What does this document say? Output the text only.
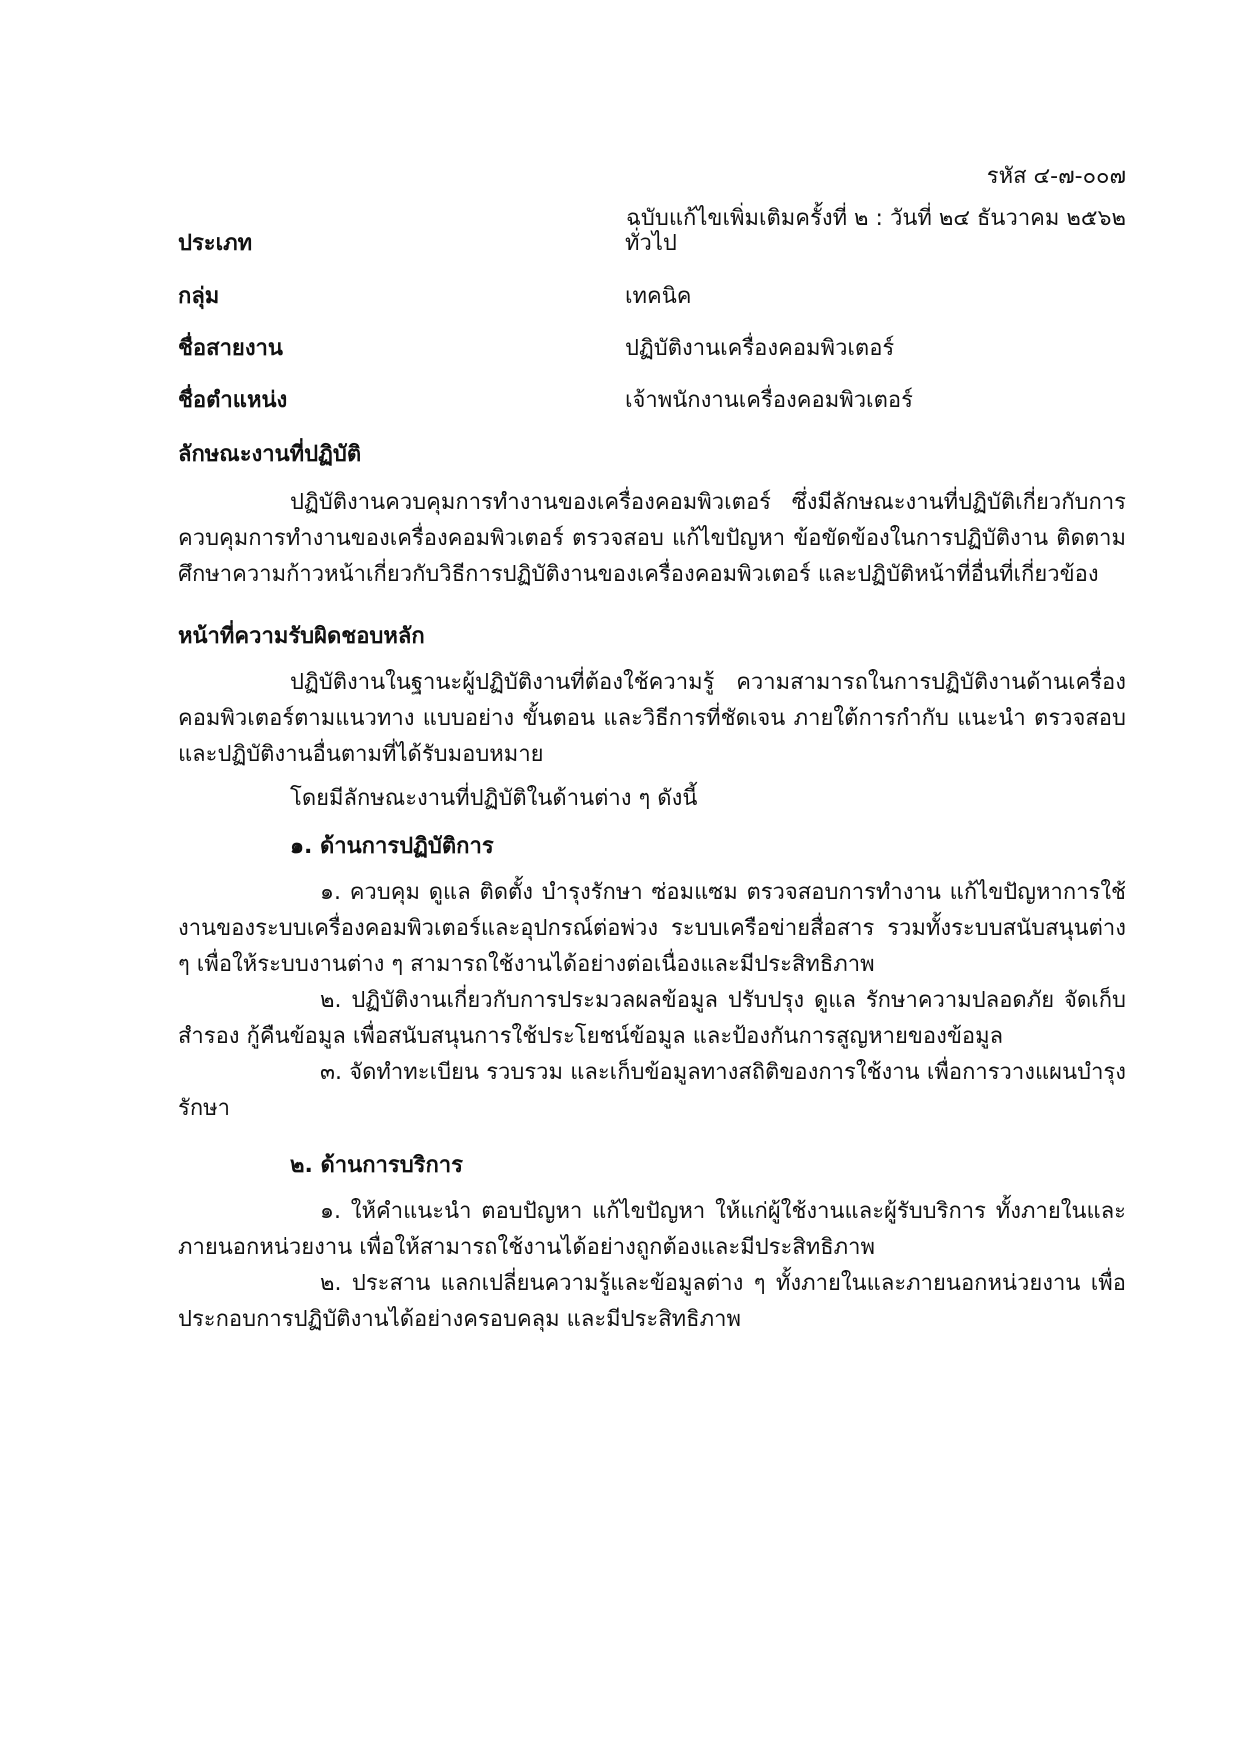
รหัส ๔-๗-๐๐๗
ฉบับแก้ไขเพิ่มเติมครั้งที่ ๒ : วันที่ ๒๔ ธันวาคม ๒๕๖๒
ประเภท	ทั่วไป
กลุ่ม	เทคนิค
ชื่อสายงาน	ปฏิบัติงานเครื่องคอมพิวเตอร์
ชื่อตำแหน่ง	เจ้าพนักงานเครื่องคอมพิวเตอร์
ลักษณะงานที่ปฏิบัติ
ปฏิบัติงานควบคุมการทำงานของเครื่องคอมพิวเตอร์ ซึ่งมีลักษณะงานที่ปฏิบัติเกี่ยวกับการควบคุมการทำงานของเครื่องคอมพิวเตอร์ ตรวจสอบ แก้ไขปัญหา ข้อขัดข้องในการปฏิบัติงาน ติดตามศึกษาความก้าวหน้าเกี่ยวกับวิธีการปฏิบัติงานของเครื่องคอมพิวเตอร์ และปฏิบัติหน้าที่อื่นที่เกี่ยวข้อง
หน้าที่ความรับผิดชอบหลัก
ปฏิบัติงานในฐานะผู้ปฏิบัติงานที่ต้องใช้ความรู้ ความสามารถในการปฏิบัติงานด้านเครื่องคอมพิวเตอร์ตามแนวทาง แบบอย่าง ขั้นตอน และวิธีการที่ชัดเจน ภายใต้การกำกับ แนะนำ ตรวจสอบ และปฏิบัติงานอื่นตามที่ได้รับมอบหมาย
โดยมีลักษณะงานที่ปฏิบัติในด้านต่าง ๆ ดังนี้
๑. ด้านการปฏิบัติการ
๑. ควบคุม ดูแล ติดตั้ง บำรุงรักษา ซ่อมแซม ตรวจสอบการทำงาน แก้ไขปัญหาการใช้งานของระบบเครื่องคอมพิวเตอร์และอุปกรณ์ต่อพ่วง ระบบเครือข่ายสื่อสาร รวมทั้งระบบสนับสนุนต่าง ๆ เพื่อให้ระบบงานต่าง ๆ สามารถใช้งานได้อย่างต่อเนื่องและมีประสิทธิภาพ
๒. ปฏิบัติงานเกี่ยวกับการประมวลผลข้อมูล ปรับปรุง ดูแล รักษาความปลอดภัย จัดเก็บสำรอง กู้คืนข้อมูล เพื่อสนับสนุนการใช้ประโยชน์ข้อมูล และป้องกันการสูญหายของข้อมูล
๓. จัดทำทะเบียน รวบรวม และเก็บข้อมูลทางสถิติของการใช้งาน เพื่อการวางแผนบำรุงรักษา
๒. ด้านการบริการ
๑. ให้คำแนะนำ ตอบปัญหา แก้ไขปัญหา ให้แก่ผู้ใช้งานและผู้รับบริการ ทั้งภายในและภายนอกหน่วยงาน เพื่อให้สามารถใช้งานได้อย่างถูกต้องและมีประสิทธิภาพ
๒. ประสาน แลกเปลี่ยนความรู้และข้อมูลต่าง ๆ ทั้งภายในและภายนอกหน่วยงาน เพื่อประกอบการปฏิบัติงานได้อย่างครอบคลุม และมีประสิทธิภาพ
